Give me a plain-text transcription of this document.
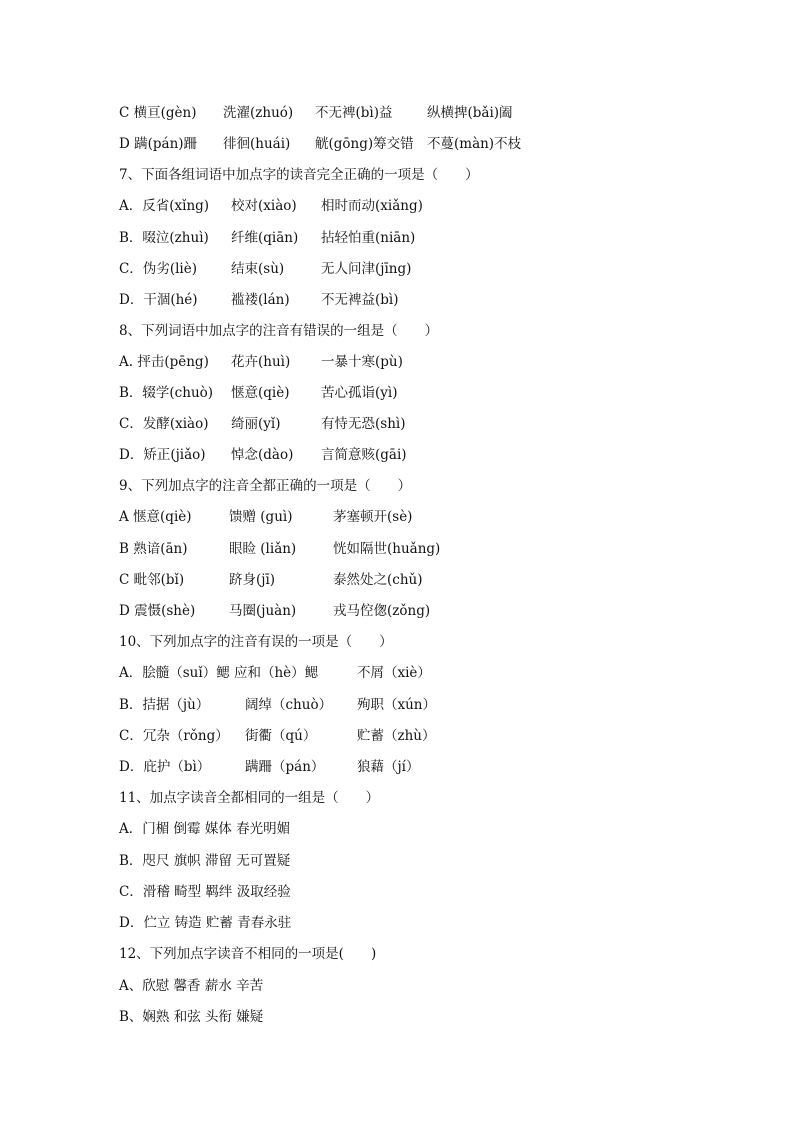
C 横亘(gèn) 洗濯(zhuó) 不无裨(bì)益	纵横捭(bǎi)阖
D 蹒(pán)跚 徘徊(huái) 觥(gōng)筹交错 不蔓(màn)不枝
7、下面各组词语中加点字的读音完全正确的一项是（　　）
A．反省(xǐng) 校对(xiào) 相时而动(xiǎng)
B．啜泣(zhuì) 纤维(qiān) 拈轻怕重(niān)
C．伪劣(liè)	结束(sù)	无人问津(jīng)
D．干涸(hé) 褴褛(lán) 不无裨益(bì)
8、下列词语中加点字的注音有错误的一组是（　　）
A. 抨击(pēng) 花卉(huì) 一暴十寒(pù)
B．辍学(chuò) 惬意(qiè) 苦心孤诣(yì)
C．发酵(xiào) 绮丽(yǐ)	有恃无恐(shì)
D．矫正(jiǎo) 悼念(dào) 言简意赅(gāi)
9、下列加点字的注音全都正确的一项是（　　）
A 惬意(qiè)	馈赠 (guì)	茅塞顿开(sè)
B 熟谙(ān)	眼睑 (liǎn)	恍如隔世(huǎng)
C 毗邻(bǐ)	跻身(jī)	泰然处之(chǔ)
D 震慑(shè) 马圈(juàn)	戎马倥偬(zǒng)
10、下列加点字的注音有误的一项是（　　）
A．脍髓（suǐ）鳃 应和（hè）鳃	不屑（xiè）
B．拮据（jù）	阔绰（chuò） 殉职（xún）
C．冗杂（rǒng） 街衢（qú）	贮蓄（zhù）
D．庇护（bì）	蹒跚（pán） 狼藉（jí）
11、加点字读音全都相同的一组是（　　）
A．门楣 倒霉 媒体 春光明媚
B．咫尺 旗帜 滞留 无可置疑
C．滑稽 畸型 羁绊 汲取经验
D．伫立 铸造 贮蓄 青春永驻
12、下列加点字读音不相同的一项是(　　)
A、欣慰 馨香 薪水 辛苦
B、娴熟 和弦 头衔 嫌疑
